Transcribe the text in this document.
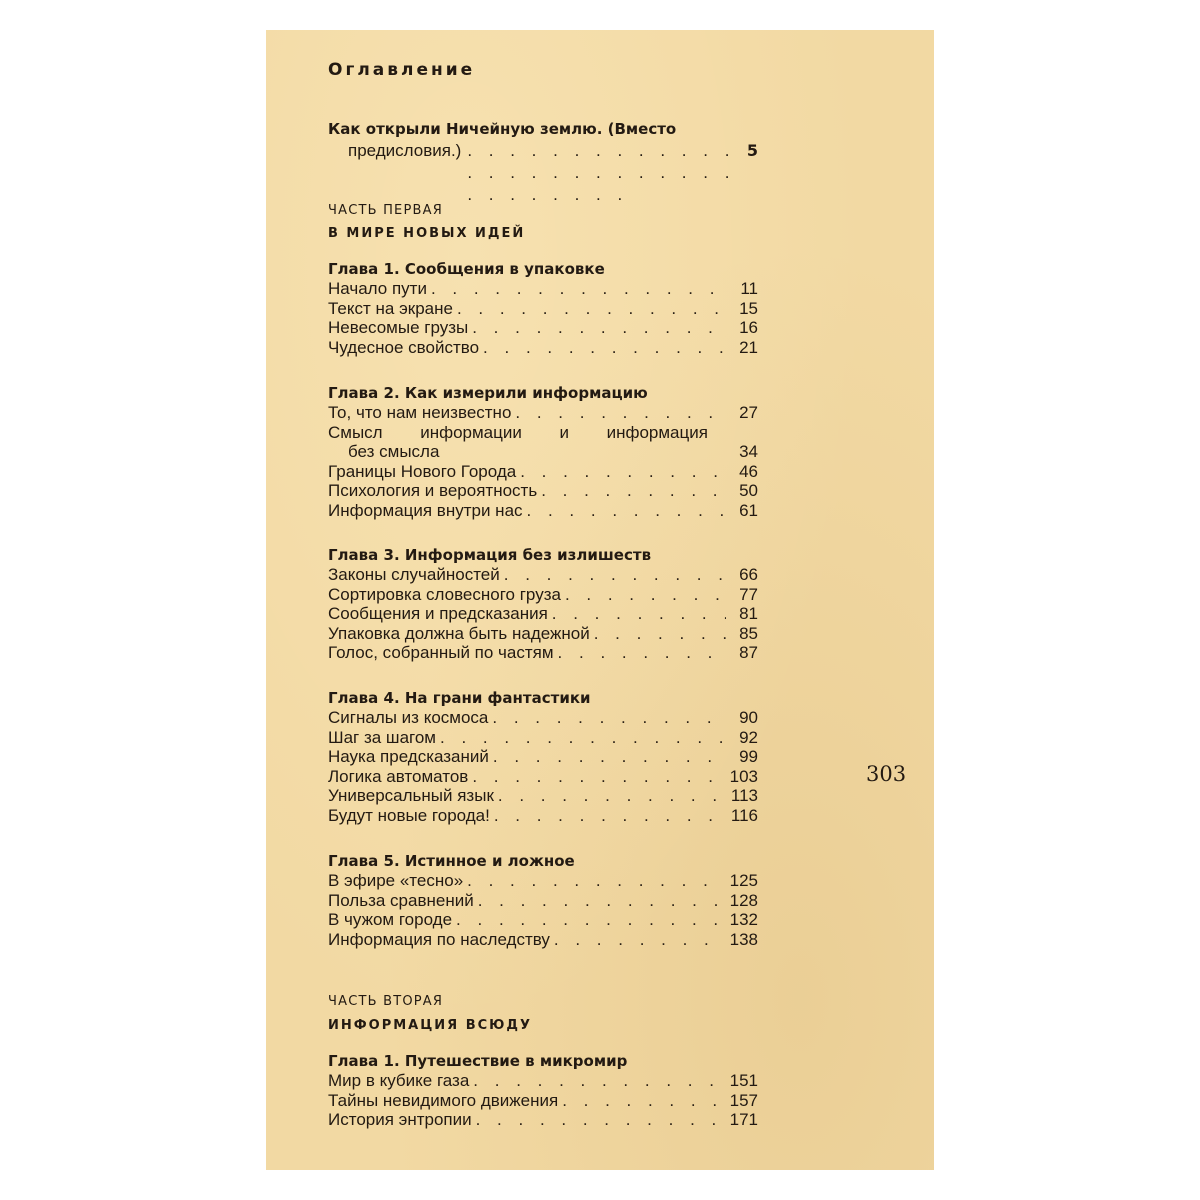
Оглавление
Как открыли Ничейную землю. (Вместо
предисловия.) . . .	5
ЧАСТЬ ПЕРВАЯ
В МИРЕ НОВЫХ ИДЕЙ
Глава 1. Сообщения в упаковке
Начало пути . . .	11
Текст на экране . . .	15
Невесомые грузы . . .	16
Чудесное свойство . . .	21
Глава 2. Как измерили информацию
То, что нам неизвестно . . .	27
Смысл информации и информация
без смысла	34
Границы Нового Города . . .	46
Психология и вероятность . . .	50
Информация внутри нас . . .	61
Глава 3. Информация без излишеств
Законы случайностей . . .	66
Сортировка словесного груза . . .	77
Сообщения и предсказания . . .	81
Упаковка должна быть надежной . . .	85
Голос, собранный по частям . . .	87
Глава 4. На грани фантастики
Сигналы из космоса . . .	90
Шаг за шагом . . .	92
Наука предсказаний . . .	99
Логика автоматов . . .	103
Универсальный язык . . .	113
Будут новые города! . . .	116
Глава 5. Истинное и ложное
В эфире «тесно» . . .	125
Польза сравнений . . .	128
В чужом городе . . .	132
Информация по наследству . . .	138
ЧАСТЬ ВТОРАЯ
ИНФОРМАЦИЯ ВСЮДУ
Глава 1. Путешествие в микромир
Мир в кубике газа . . .	151
Тайны невидимого движения . . .	157
История энтропии . . .	171
303
